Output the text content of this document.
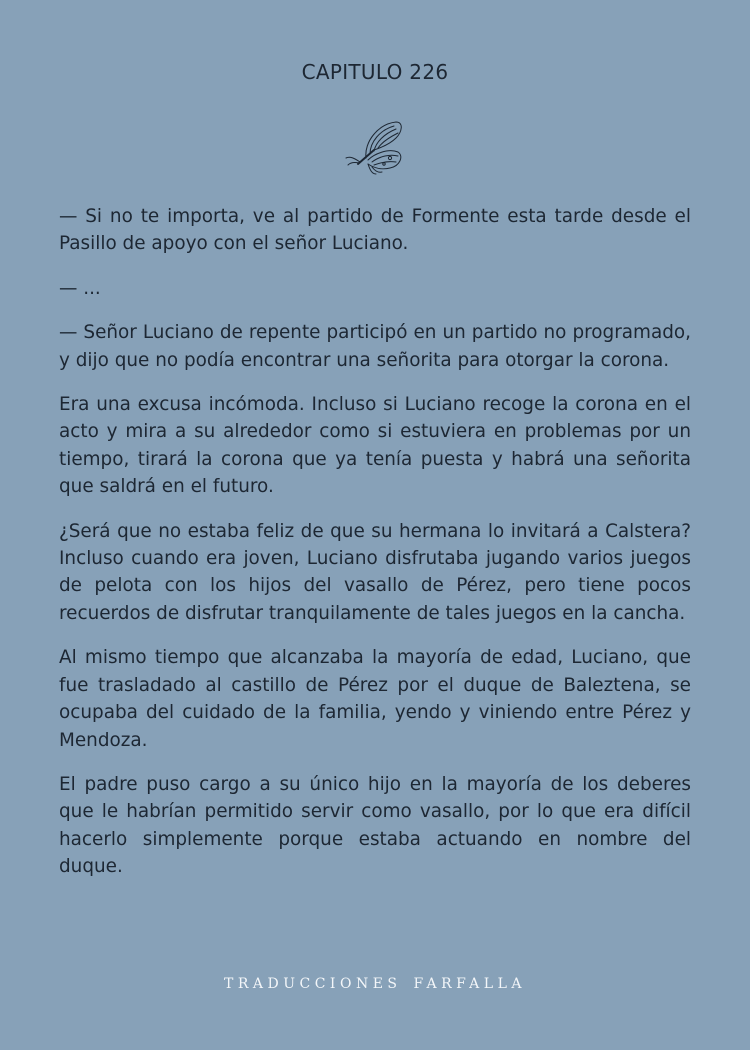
CAPITULO 226

— Si no te importa, ve al partido de Formente esta tarde desde el Pasillo de apoyo con el señor Luciano.

— ...

— Señor Luciano de repente participó en un partido no programado, y dijo que no podía encontrar una señorita para otorgar la corona.

Era una excusa incómoda. Incluso si Luciano recoge la corona en el acto y mira a su alrededor como si estuviera en problemas por un tiempo, tirará la corona que ya tenía puesta y habrá una señorita que saldrá en el futuro.

¿Será que no estaba feliz de que su hermana lo invitará a Calstera? Incluso cuando era joven, Luciano disfrutaba jugando varios juegos de pelota con los hijos del vasallo de Pérez, pero tiene pocos recuerdos de disfrutar tranquilamente de tales juegos en la cancha.

Al mismo tiempo que alcanzaba la mayoría de edad, Luciano, que fue trasladado al castillo de Pérez por el duque de Baleztena, se ocupaba del cuidado de la familia, yendo y viniendo entre Pérez y Mendoza.

El padre puso cargo a su único hijo en la mayoría de los deberes que le habrían permitido servir como vasallo, por lo que era difícil hacerlo simplemente porque estaba actuando en nombre del duque.

TRADUCCIONES FARFALLA
